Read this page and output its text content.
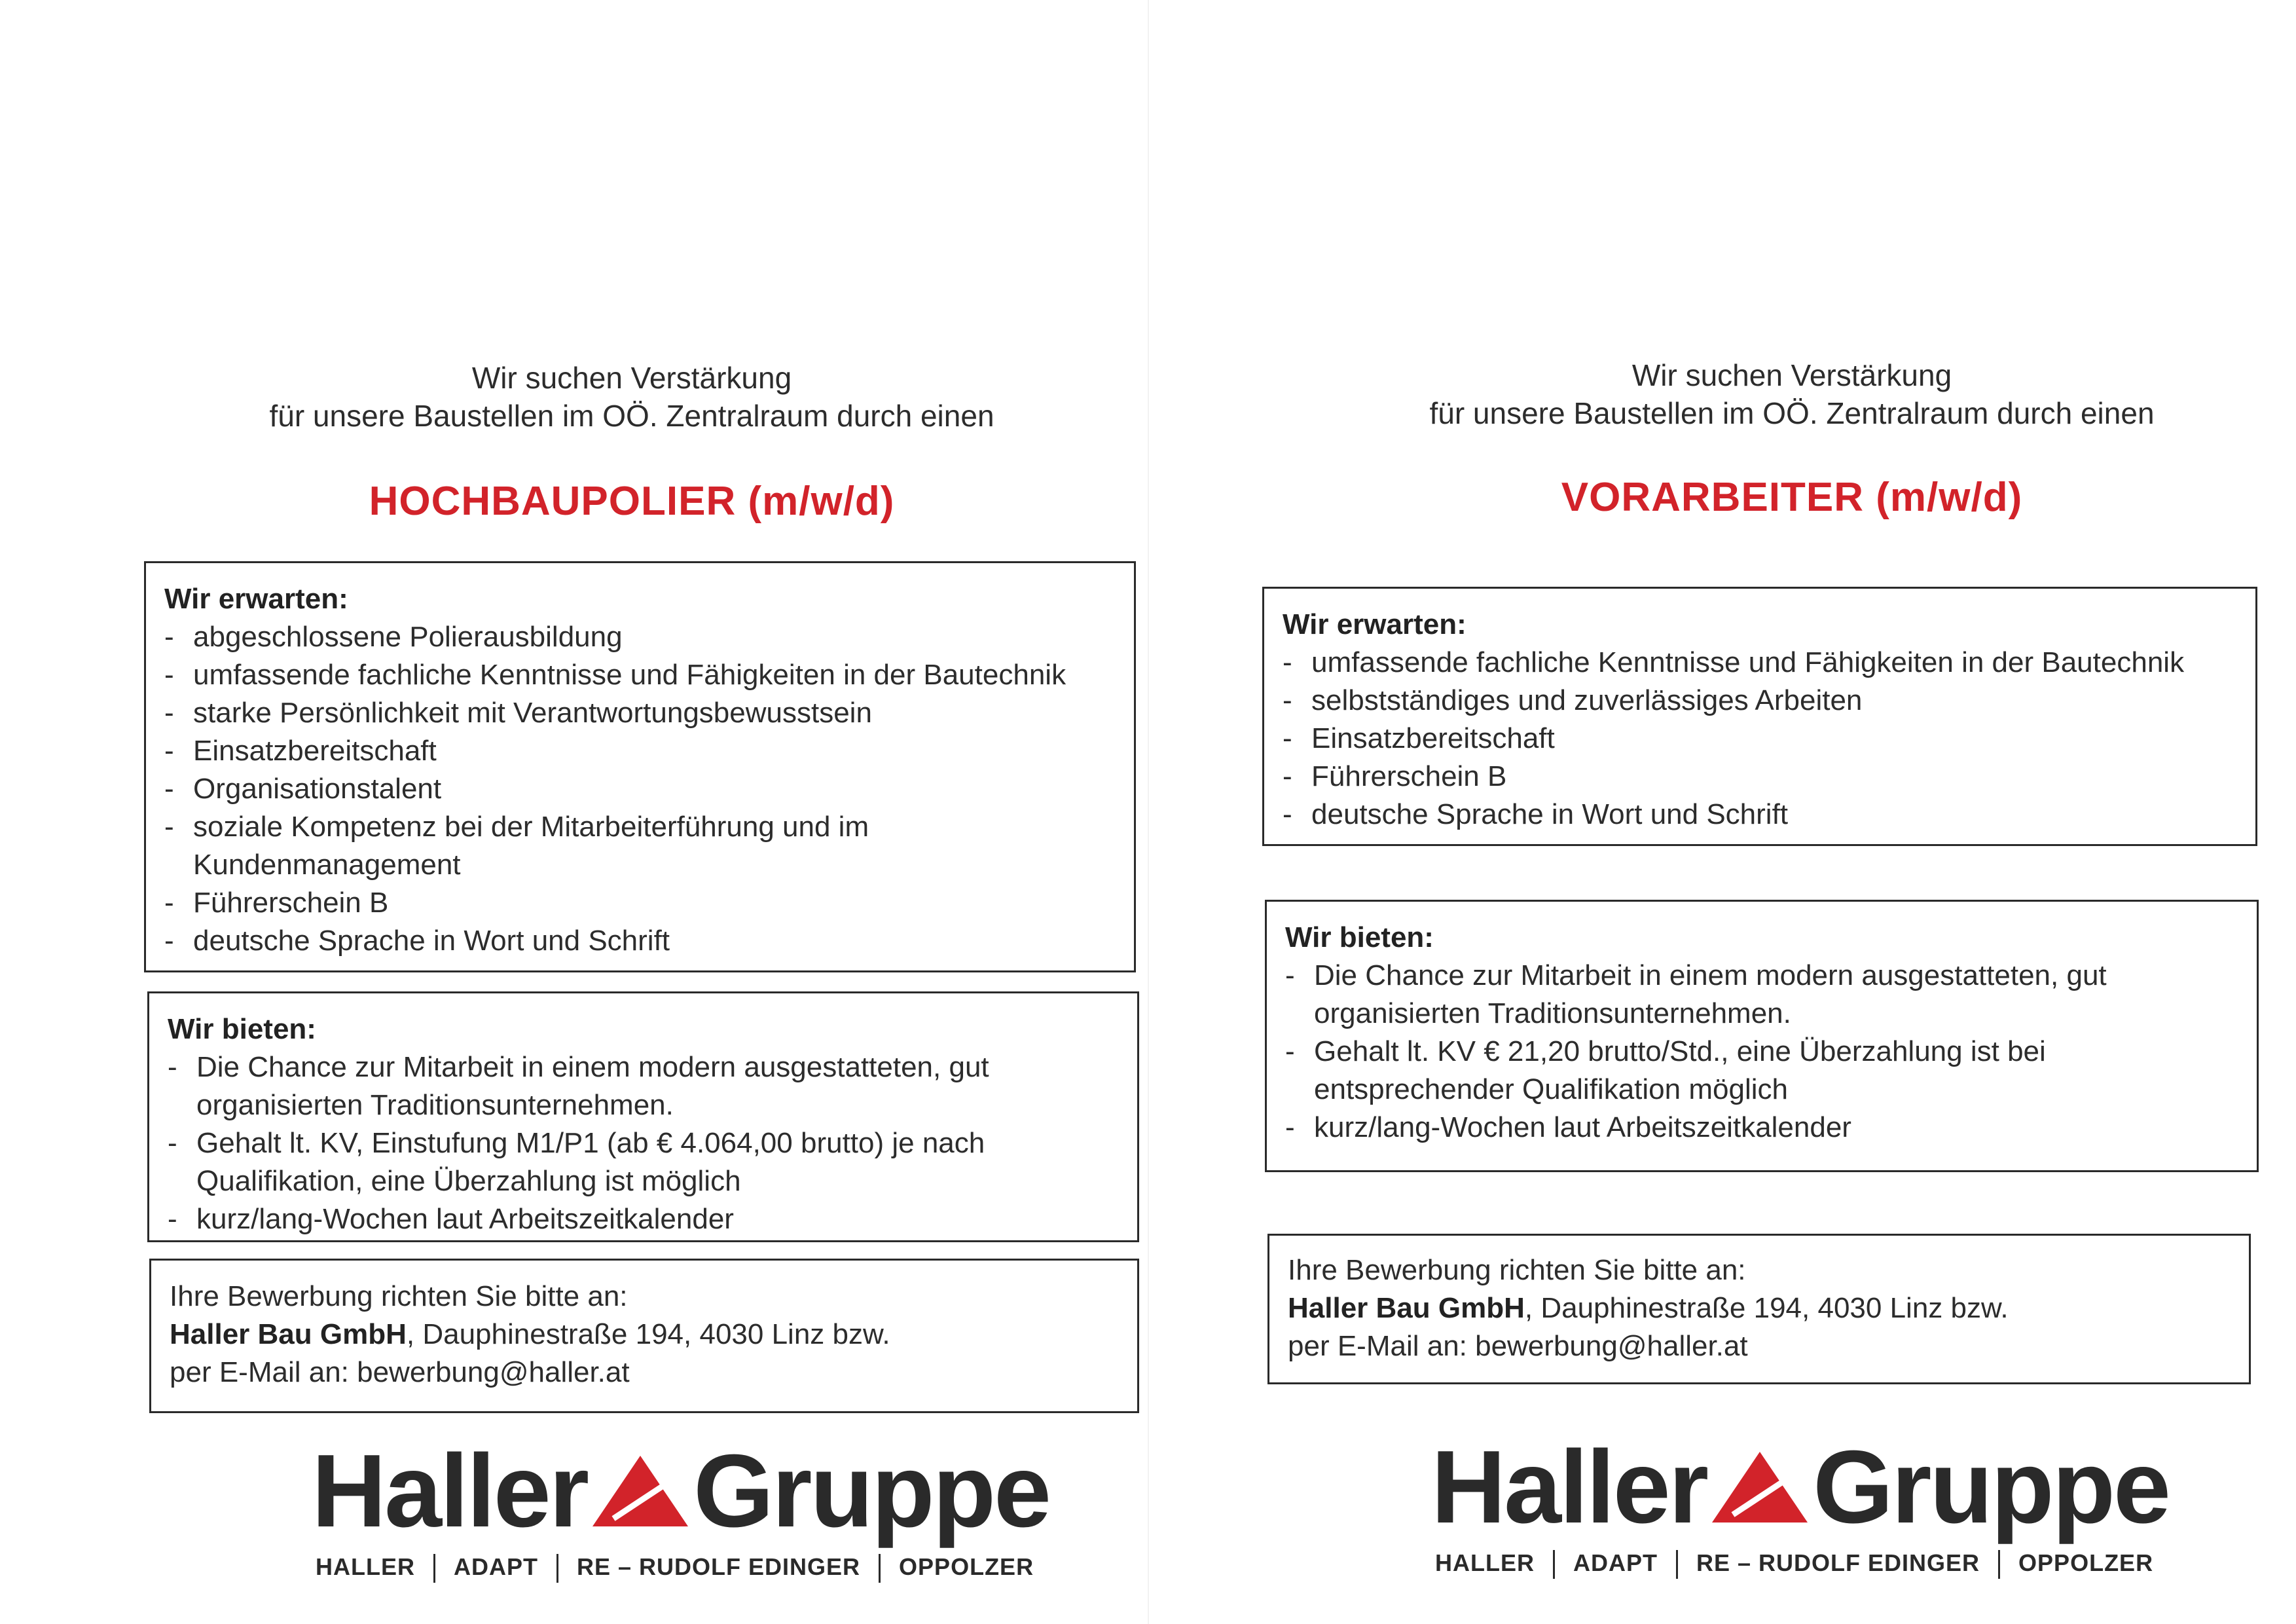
Wir suchen Verstärkung
für unsere Baustellen im OÖ. Zentralraum durch einen
HOCHBAUPOLIER (m/w/d)
Wir erwarten:
- abgeschlossene Polierausbildung
- umfassende fachliche Kenntnisse und Fähigkeiten in der Bautechnik
- starke Persönlichkeit mit Verantwortungsbewusstsein
- Einsatzbereitschaft
- Organisationstalent
- soziale Kompetenz bei der Mitarbeiterführung und im Kundenmanagement
- Führerschein B
- deutsche Sprache in Wort und Schrift
Wir bieten:
- Die Chance zur Mitarbeit in einem modern ausgestatteten, gut organisierten Traditionsunternehmen.
- Gehalt lt. KV, Einstufung M1/P1 (ab € 4.064,00 brutto) je nach Qualifikation, eine Überzahlung ist möglich
- kurz/lang-Wochen laut Arbeitszeitkalender

Ihre Bewerbung richten Sie bitte an:

Haller Bau GmbH, Dauphinestraße 194, 4030 Linz bzw.

per E-Mail an: bewerbung@haller.at

Haller Gruppe
HALLER ADAPT RE – RUDOLF EDINGER OPPOLZER
Wir suchen Verstärkung
für unsere Baustellen im OÖ. Zentralraum durch einen
VORARBEITER (m/w/d)
Wir erwarten:
- umfassende fachliche Kenntnisse und Fähigkeiten in der Bautechnik
- selbstständiges und zuverlässiges Arbeiten
- Einsatzbereitschaft
- Führerschein B
- deutsche Sprache in Wort und Schrift
Wir bieten:
- Die Chance zur Mitarbeit in einem modern ausgestatteten, gut organisierten Traditionsunternehmen.
- Gehalt lt. KV € 21,20 brutto/Std., eine Überzahlung ist bei entsprechender Qualifikation möglich
- kurz/lang-Wochen laut Arbeitszeitkalender

Ihre Bewerbung richten Sie bitte an:

Haller Bau GmbH, Dauphinestraße 194, 4030 Linz bzw.

per E-Mail an: bewerbung@haller.at

Haller Gruppe
HALLER ADAPT RE – RUDOLF EDINGER OPPOLZER
